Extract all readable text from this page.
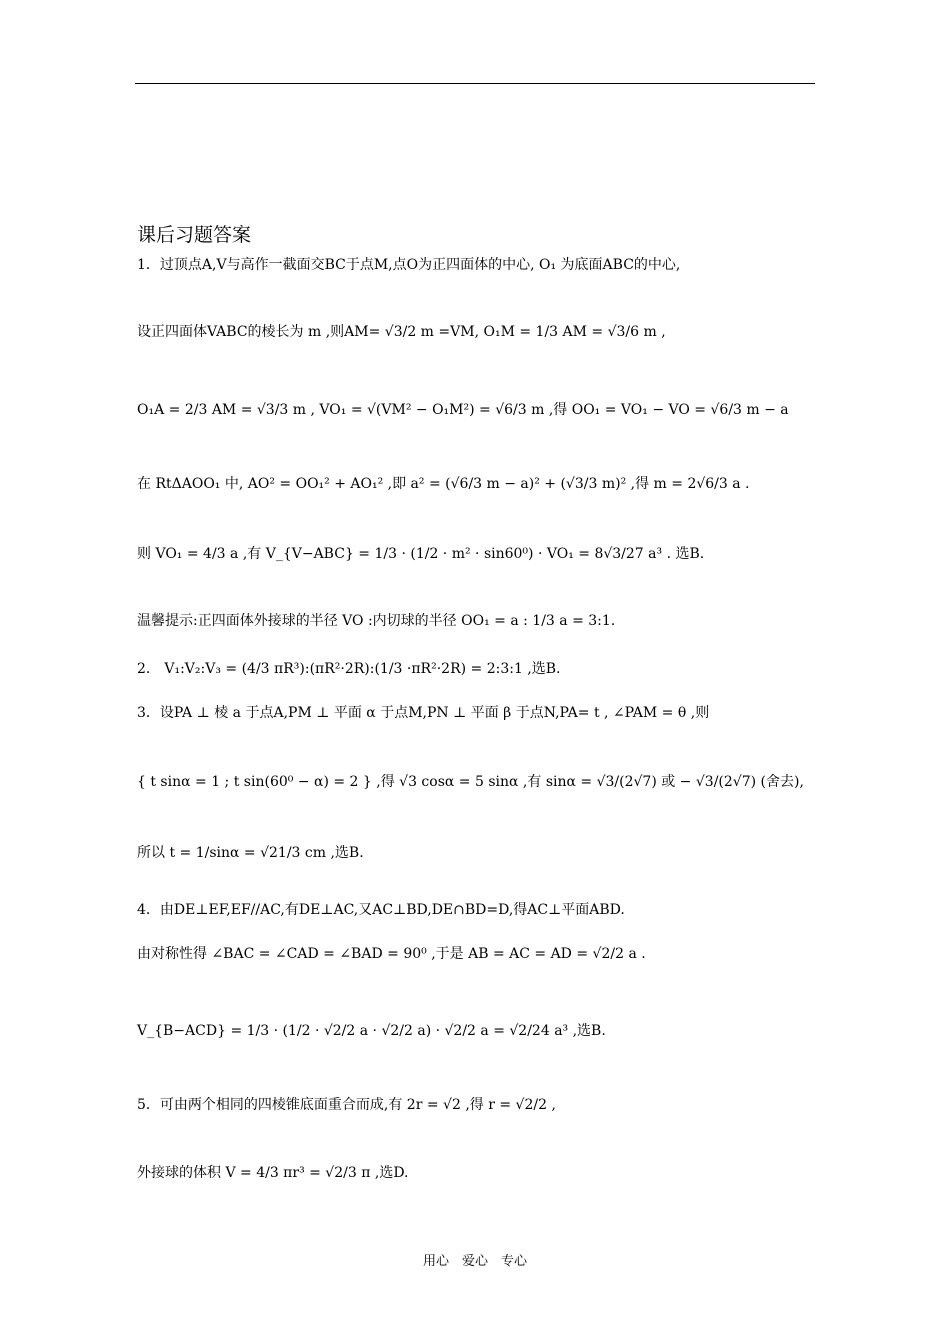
课后习题答案
1．过顶点A,V与高作一截面交BC于点M,点O为正四面体的中心, O₁ 为底面ABC的中心,
设正四面体VABC的棱长为 m ,则AM= √3/2 m =VM, O₁M = 1/3 AM = √3/6 m ,
O₁A = 2/3 AM = √3/3 m , VO₁ = √(VM² − O₁M²) = √6/3 m ,得 OO₁ = VO₁ − VO = √6/3 m − a
在 RtΔAOO₁ 中, AO² = OO₁² + AO₁² ,即 a² = (√6/3 m − a)² + (√3/3 m)² ,得 m = 2√6/3 a .
则 VO₁ = 4/3 a ,有 V_{V−ABC} = 1/3 · (1/2 · m² · sin60⁰) · VO₁ = 8√3/27 a³ . 选B.
温馨提示:正四面体外接球的半径 VO :内切球的半径 OO₁ = a : 1/3 a = 3:1.
2． V₁:V₂:V₃ = (4/3 πR³):(πR²·2R):(1/3 ·πR²·2R) = 2:3:1 ,选B.
3．设PA ⊥ 棱 a 于点A,PM ⊥ 平面 α 于点M,PN ⊥ 平面 β 于点N,PA= t , ∠PAM = θ ,则
{ t sinα = 1 ; t sin(60⁰ − α) = 2 } ,得 √3 cosα = 5 sinα ,有 sinα = √3/(2√7) 或 − √3/(2√7) (舍去),
所以 t = 1/sinα = √21/3 cm ,选B.
4．由DE⊥EF,EF//AC,有DE⊥AC,又AC⊥BD,DE∩BD=D,得AC⊥平面ABD.
由对称性得 ∠BAC = ∠CAD = ∠BAD = 90⁰ ,于是 AB = AC = AD = √2/2 a .
V_{B−ACD} = 1/3 · (1/2 · √2/2 a · √2/2 a) · √2/2 a = √2/24 a³ ,选B.
5．可由两个相同的四棱锥底面重合而成,有 2r = √2 ,得 r = √2/2 ,
外接球的体积 V = 4/3 πr³ = √2/3 π ,选D.
用心　爱心　专心
